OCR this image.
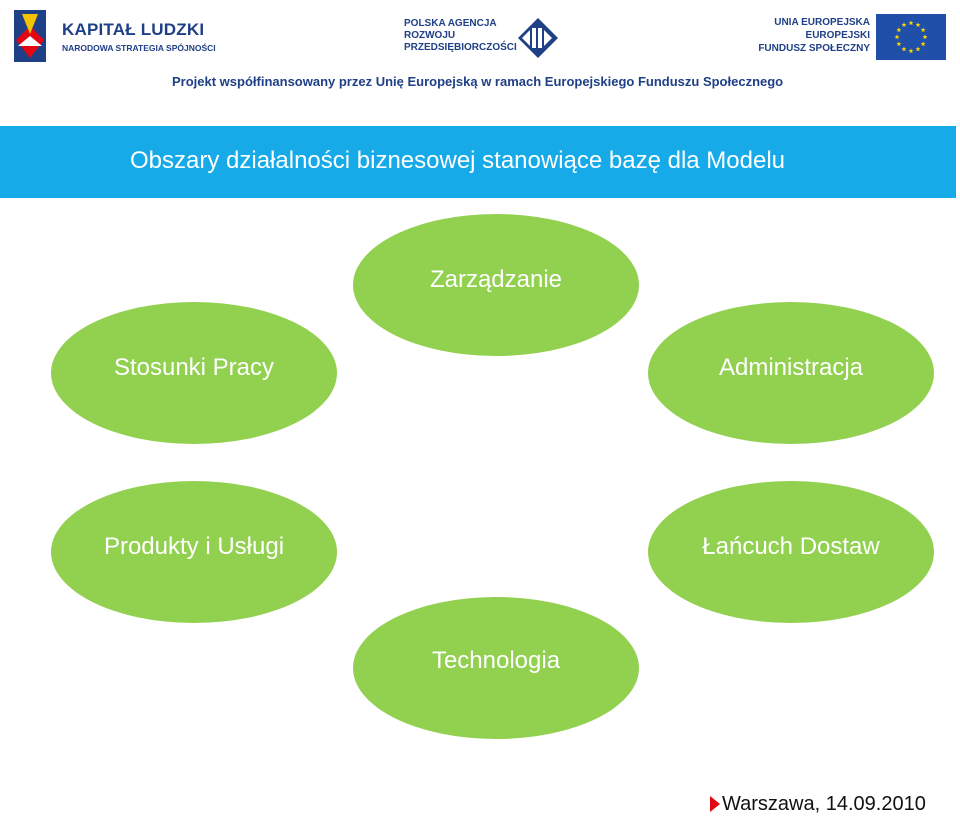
KAPITAŁ LUDZKI
NARODOWA STRATEGIA SPÓJNOŚCI
POLSKA AGENCJA
ROZWOJU
PRZEDSIĘBIORCZOŚCI
UNIA EUROPEJSKA
EUROPEJSKI
FUNDUSZ SPOŁECZNY
Projekt współfinansowany przez Unię Europejską w ramach Europejskiego Funduszu Społecznego
Obszary działalności biznesowej stanowiące bazę dla Modelu
Zarządzanie
Stosunki Pracy	Administracja
Produkty i Usługi	Łańcuch Dostaw
Technologia
Warszawa, 14.09.2010
